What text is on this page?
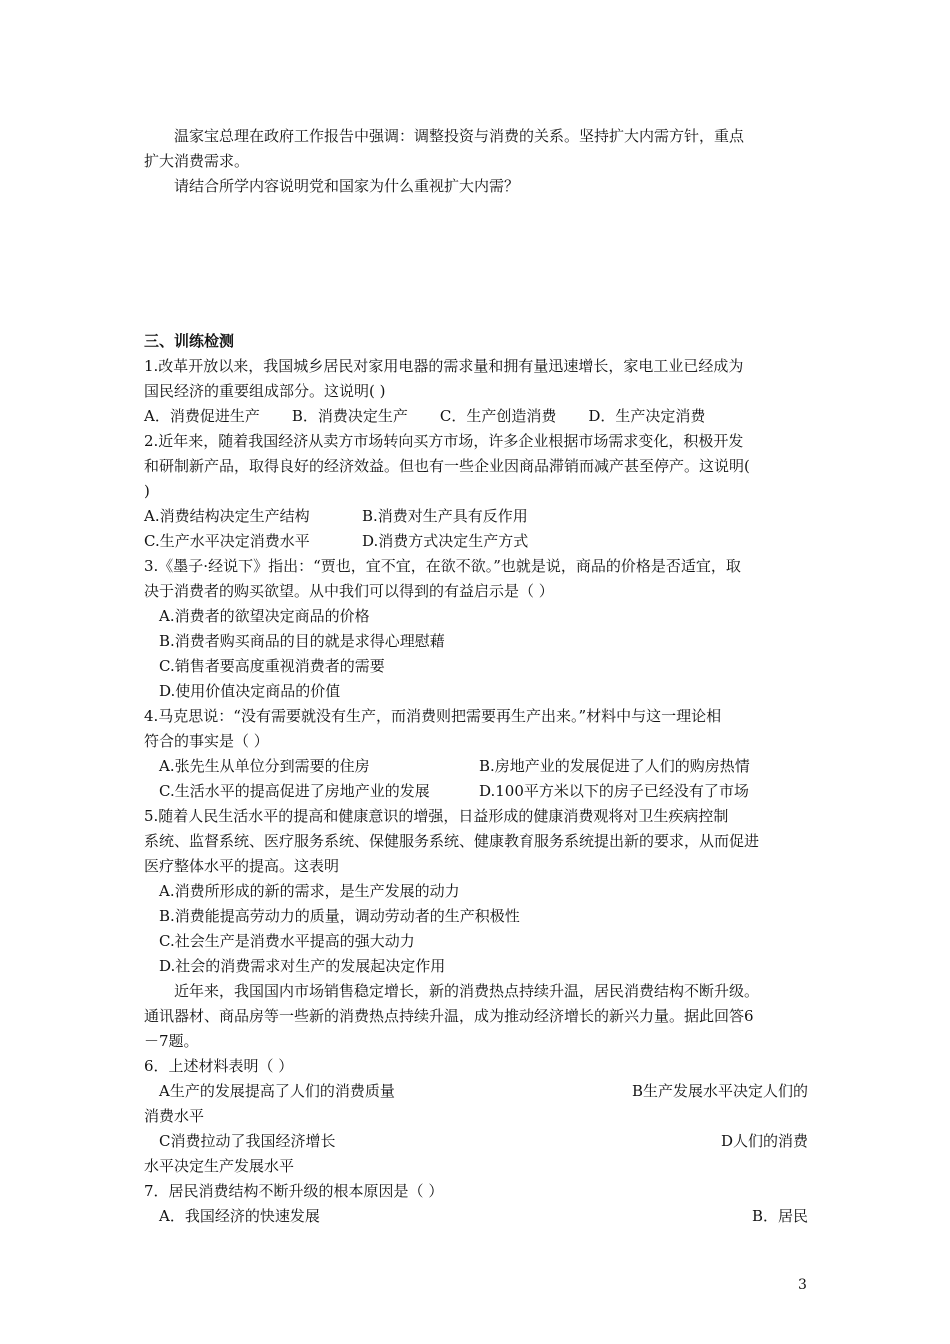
温家宝总理在政府工作报告中强调：调整投资与消费的关系。坚持扩大内需方针，重点
扩大消费需求。
请结合所学内容说明党和国家为什么重视扩大内需？
三、训练检测
1.改革开放以来，我国城乡居民对家用电器的需求量和拥有量迅速增长，家电工业已经成为
国民经济的重要组成部分。这说明( )
A．消费促进生产 B．消费决定生产 C．生产创造消费 D．生产决定消费
2.近年来，随着我国经济从卖方市场转向买方市场，许多企业根据市场需求变化，积极开发
和研制新产品，取得良好的经济效益。但也有一些企业因商品滞销而减产甚至停产。这说明(
)
A.消费结构决定生产结构	B.消费对生产具有反作用
C.生产水平决定消费水平	D.消费方式决定生产方式
3.《墨子·经说下》指出：“贾也，宜不宜，在欲不欲。”也就是说，商品的价格是否适宜，取
决于消费者的购买欲望。从中我们可以得到的有益启示是（ ）
A.消费者的欲望决定商品的价格
B.消费者购买商品的目的就是求得心理慰藉
C.销售者要高度重视消费者的需要
D.使用价值决定商品的价值
4.马克思说：“没有需要就没有生产，而消费则把需要再生产出来。”材料中与这一理论相
符合的事实是（ ）
A.张先生从单位分到需要的住房	B.房地产业的发展促进了人们的购房热情
C.生活水平的提高促进了房地产业的发展	D.100平方米以下的房子已经没有了市场
5.随着人民生活水平的提高和健康意识的增强，日益形成的健康消费观将对卫生疾病控制
系统、监督系统、医疗服务系统、保健服务系统、健康教育服务系统提出新的要求，从而促进
医疗整体水平的提高。这表明
A.消费所形成的新的需求，是生产发展的动力
B.消费能提高劳动力的质量，调动劳动者的生产积极性
C.社会生产是消费水平提高的强大动力
D.社会的消费需求对生产的发展起决定作用
近年来，我国国内市场销售稳定增长，新的消费热点持续升温，居民消费结构不断升级。
通讯器材、商品房等一些新的消费热点持续升温，成为推动经济增长的新兴力量。据此回答6
－7题。
6．上述材料表明（ ）
A生产的发展提高了人们的消费质量	B生产发展水平决定人们的
消费水平
C消费拉动了我国经济增长	D人们的消费
水平决定生产发展水平
7．居民消费结构不断升级的根本原因是（ ）
A．我国经济的快速发展	B．居民
3
